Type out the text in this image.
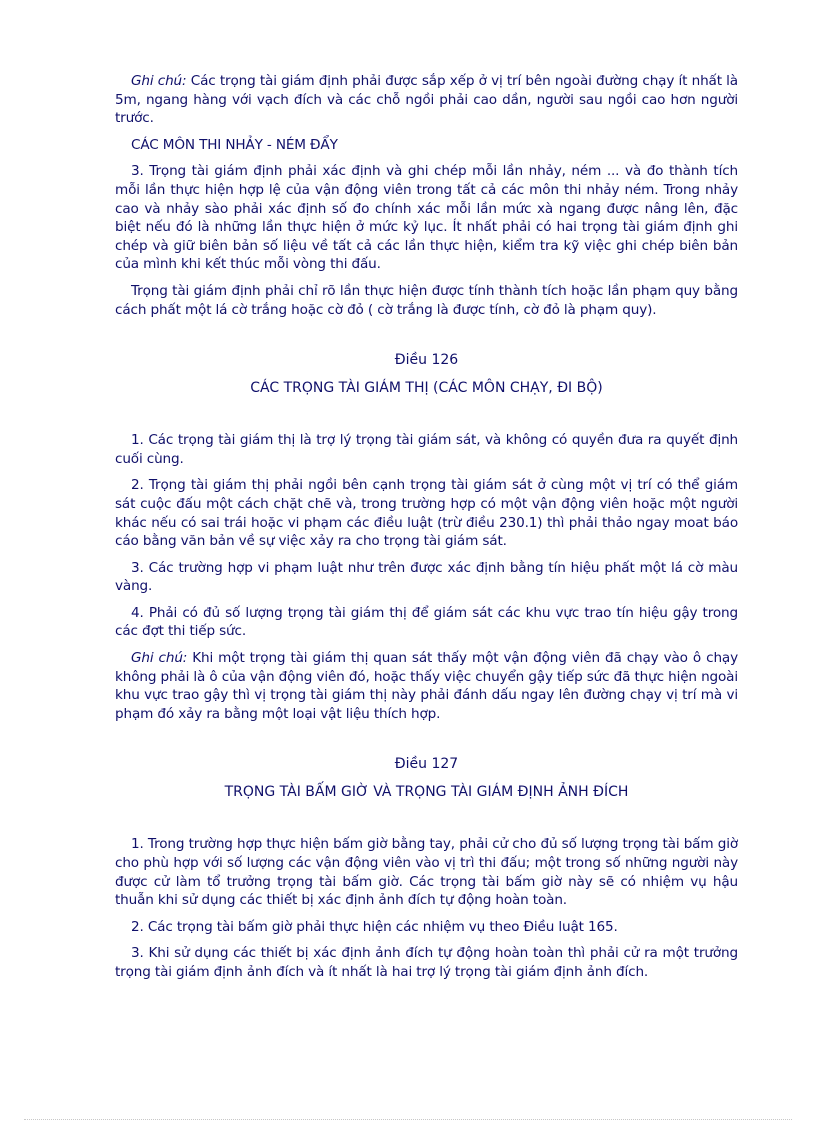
Ghi chú: Các trọng tài giám định phải được sắp xếp ở vị trí bên ngoài đường chạy ít nhất là 5m, ngang hàng với vạch đích và các chỗ ngồi phải cao dần, người sau ngồi cao hơn người trước.

CÁC MÔN THI NHẢY - NÉM ĐẨY

3. Trọng tài giám định phải xác định và ghi chép mỗi lần nhảy, ném ... và đo thành tích mỗi lần thực hiện hợp lệ của vận động viên trong tất cả các môn thi nhảy ném. Trong nhảy cao và nhảy sào phải xác định số đo chính xác mỗi lần mức xà ngang được nâng lên, đặc biệt nếu đó là những lần thực hiện ở mức kỷ lục. Ít nhất phải có hai trọng tài giám định ghi chép và giữ biên bản số liệu về tất cả các lần thực hiện, kiểm tra kỹ việc ghi chép biên bản của mình khi kết thúc mỗi vòng thi đấu.

Trọng tài giám định phải chỉ rõ lần thực hiện được tính thành tích hoặc lần phạm quy bằng cách phất một lá cờ trắng hoặc cờ đỏ ( cờ trắng là được tính, cờ đỏ là phạm quy).

Điều 126
CÁC TRỌNG TÀI GIÁM THỊ (CÁC MÔN CHẠY, ĐI BỘ)

1. Các trọng tài giám thị là trợ lý trọng tài giám sát, và không có quyền đưa ra quyết định cuối cùng.

2. Trọng tài giám thị phải ngồi bên cạnh trọng tài giám sát ở cùng một vị trí có thể giám sát cuộc đấu một cách chặt chẽ và, trong trường hợp có một vận động viên hoặc một người khác nếu có sai trái hoặc vi phạm các điều luật (trừ điều 230.1) thì phải thảo ngay moat báo cáo bằng văn bản về sự việc xảy ra cho trọng tài giám sát.

3. Các trường hợp vi phạm luật như trên được xác định bằng tín hiệu phất một lá cờ màu vàng.

4. Phải có đủ số lượng trọng tài giám thị để giám sát các khu vực trao tín hiệu gậy trong các đợt thi tiếp sức.

Ghi chú: Khi một trọng tài giám thị quan sát thấy một vận động viên đã chạy vào ô chạy không phải là ô của vận động viên đó, hoặc thấy việc chuyển gậy tiếp sức đã thực hiện ngoài khu vực trao gậy thì vị trọng tài giám thị này phải đánh dấu ngay lên đường chạy vị trí mà vi phạm đó xảy ra bằng một loại vật liệu thích hợp.

Điều 127
TRỌNG TÀI BẤM GIỜ VÀ TRỌNG TÀI GIÁM ĐỊNH ẢNH ĐÍCH

1. Trong trường hợp thực hiện bấm giờ bằng tay, phải cử cho đủ số lượng trọng tài bấm giờ cho phù hợp với số lượng các vận động viên vào vị trì thi đấu; một trong số những người này được cử làm tổ trưởng trọng tài bấm giờ. Các trọng tài bấm giờ này sẽ có nhiệm vụ hậu thuẫn khi sử dụng các thiết bị xác định ảnh đích tự động hoàn toàn.

2. Các trọng tài bấm giờ phải thực hiện các nhiệm vụ theo Điều luật 165.

3. Khi sử dụng các thiết bị xác định ảnh đích tự động hoàn toàn thì phải cử ra một trưởng trọng tài giám định ảnh đích và ít nhất là hai trợ lý trọng tài giám định ảnh đích.
